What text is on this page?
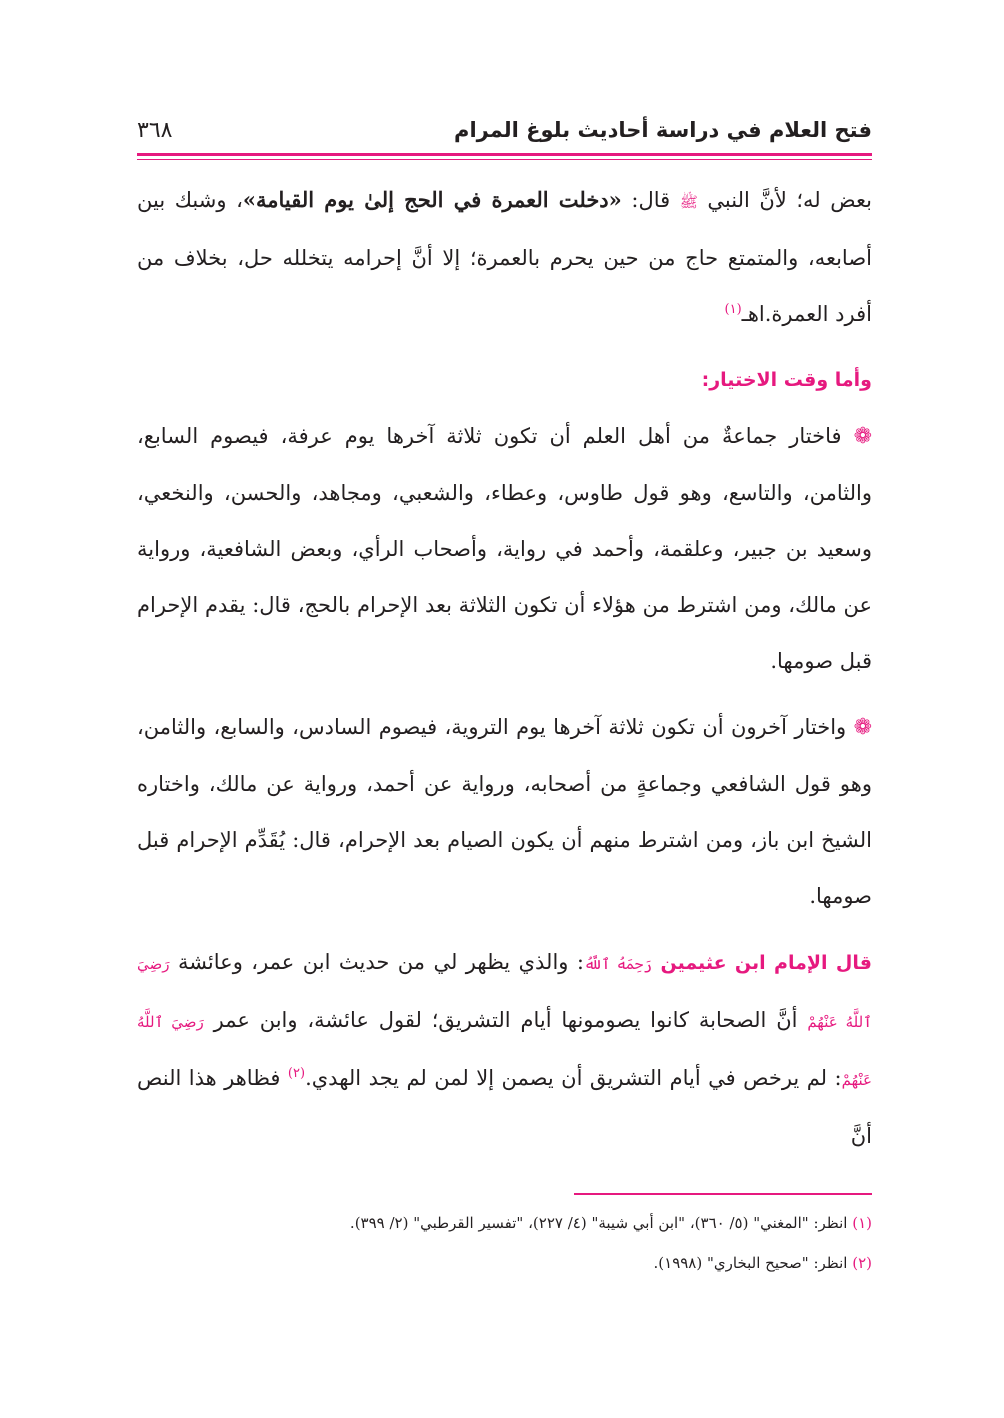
فتح العلام في دراسة أحاديث بلوغ المرام
٣٦٨

بعض له؛ لأنَّ النبي ﷺ قال: «دخلت العمرة في الحج إلىٰ يوم القيامة»، وشبك بين أصابعه، والمتمتع حاج من حين يحرم بالعمرة؛ إلا أنَّ إحرامه يتخلله حل، بخلاف من أفرد العمرة.اهـ$^{(١)}$

وأما وقت الاختيار:

❁ فاختار جماعةٌ من أهل العلم أن تكون ثلاثة آخرها يوم عرفة، فيصوم السابع، والثامن، والتاسع، وهو قول طاوس، وعطاء، والشعبي، ومجاهد، والحسن، والنخعي، وسعيد بن جبير، وعلقمة، وأحمد في رواية، وأصحاب الرأي، وبعض الشافعية، ورواية عن مالك، ومن اشترط من هؤلاء أن تكون الثلاثة بعد الإحرام بالحج، قال: يقدم الإحرام قبل صومها.

❁ واختار آخرون أن تكون ثلاثة آخرها يوم التروية، فيصوم السادس، والسابع، والثامن، وهو قول الشافعي وجماعةٍ من أصحابه، ورواية عن أحمد، ورواية عن مالك، واختاره الشيخ ابن باز، ومن اشترط منهم أن يكون الصيام بعد الإحرام، قال: يُقَدِّم الإحرام قبل صومها.

قال الإمام ابن عثيمين رَحِمَهُ ٱللَّهُ: والذي يظهر لي من حديث ابن عمر، وعائشة رَضِيَ ٱللَّهُ عَنْهُمْ أنَّ الصحابة كانوا يصومونها أيام التشريق؛ لقول عائشة، وابن عمر رَضِيَ ٱللَّهُ عَنْهُمْ: لم يرخص في أيام التشريق أن يصمن إلا لمن لم يجد الهدي.$^{(٢)}$ فظاهر هذا النص أنَّ

(١) انظر: "المغني" (٥/ ٣٦٠)، "ابن أبي شيبة" (٤/ ٢٢٧)، "تفسير القرطبي" (٢/ ٣٩٩).

(٢) انظر: "صحيح البخاري" (١٩٩٨).
